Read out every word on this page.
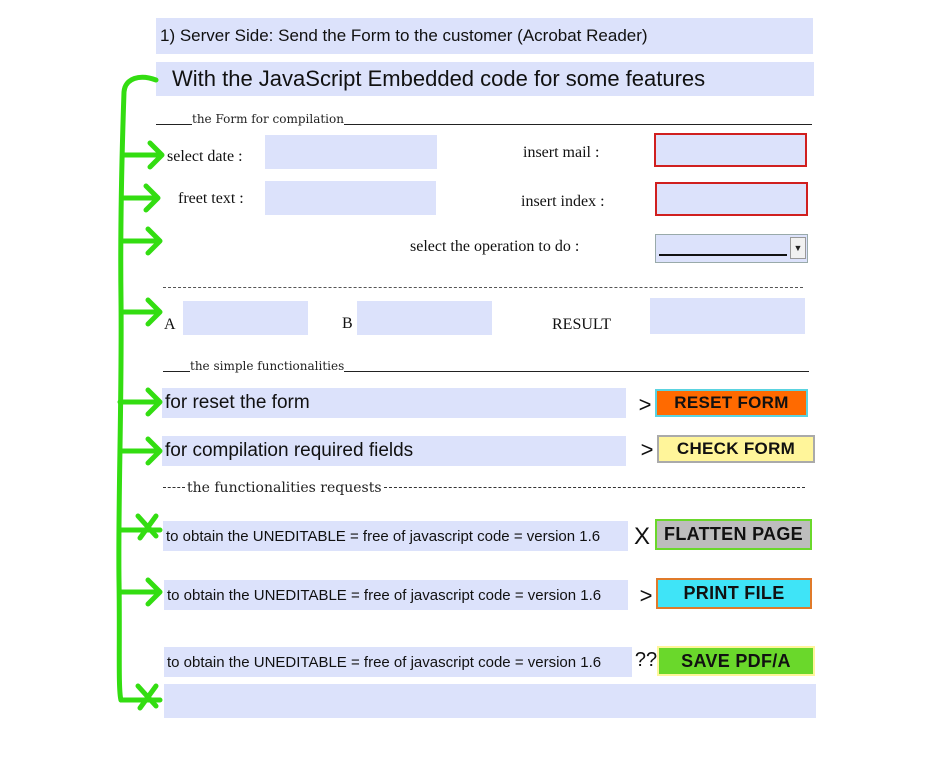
1) Server Side: Send the Form to the customer (Acrobat Reader)
With the JavaScript Embedded code for some features
the Form for compilation
select date :
freet text :
insert mail :
insert index :
select the operation to do :	▼
A	B	RESULT
the simple functionalities
for reset the form	>	RESET FORM
for compilation required fields	>	CHECK FORM
the functionalities requests
to obtain the UNEDITABLE = free of javascript code = version 1.6 X FLATTEN PAGE
to obtain the UNEDITABLE = free of javascript code = version 1.6 >	PRINT FILE
to obtain the UNEDITABLE = free of javascript code = version 1.6 ??	SAVE PDF/A
